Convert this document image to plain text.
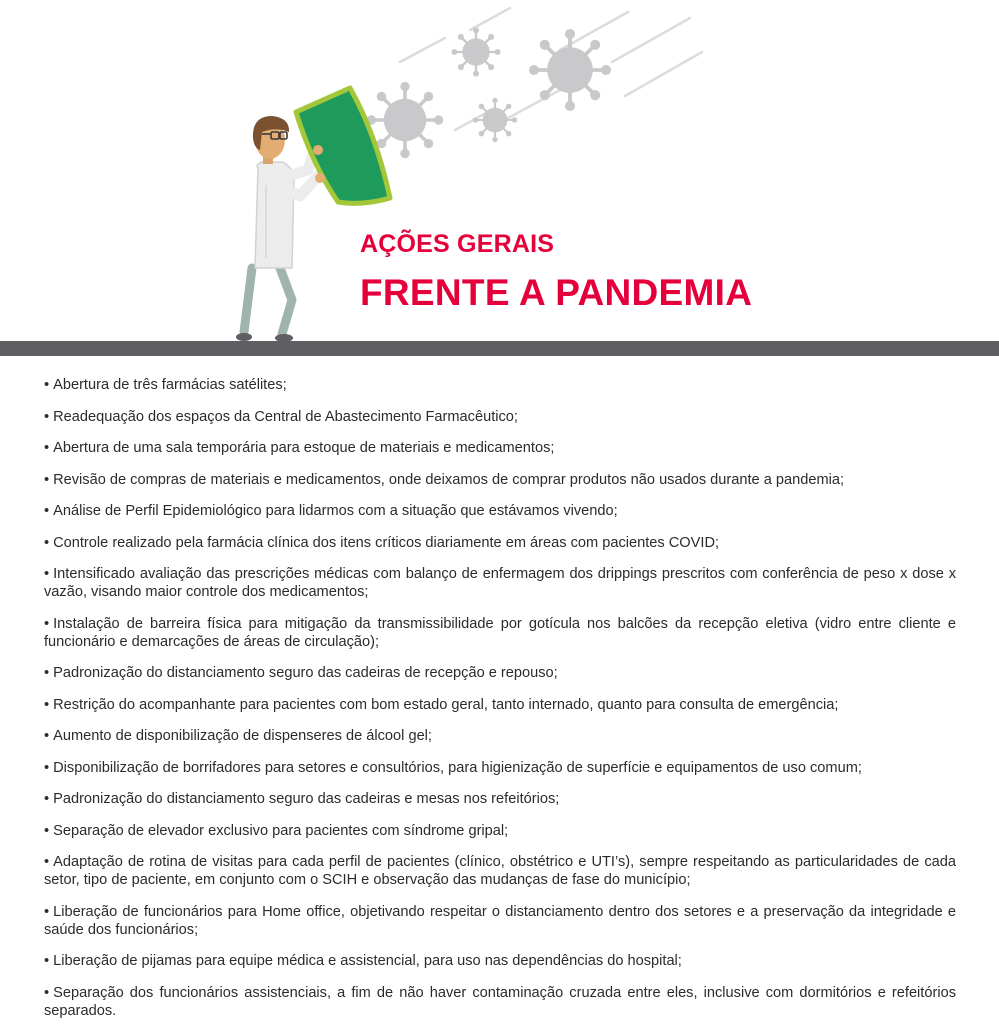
AÇÕES GERAIS
FRENTE A PANDEMIA
• Abertura de três farmácias satélites;
• Readequação dos espaços da Central de Abastecimento Farmacêutico;
• Abertura de uma sala temporária para estoque de materiais e medicamentos;
• Revisão de compras de materiais e medicamentos, onde deixamos de comprar produtos não usados durante a pandemia;
• Análise de Perfil Epidemiológico para lidarmos com a situação que estávamos vivendo;
• Controle realizado pela farmácia clínica dos itens críticos diariamente em áreas com pacientes COVID;
• Intensificado avaliação das prescrições médicas com balanço de enfermagem dos drippings prescritos com conferência de peso x dose x vazão, visando maior controle dos medicamentos;
• Instalação de barreira física para mitigação da transmissibilidade por gotícula nos balcões da recepção eletiva (vidro entre cliente e funcionário e demarcações de áreas de circulação);
• Padronização do distanciamento seguro das cadeiras de recepção e repouso;
• Restrição do acompanhante para pacientes com bom estado geral, tanto internado, quanto para consulta de emergência;
• Aumento de disponibilização de dispenseres de álcool gel;
• Disponibilização de borrifadores para setores e consultórios, para higienização de superfície e equipamentos de uso comum;
• Padronização do distanciamento seguro das cadeiras e mesas nos refeitórios;
• Separação de elevador exclusivo para pacientes com síndrome gripal;
• Adaptação de rotina de visitas para cada perfil de pacientes (clínico, obstétrico e UTI’s), sempre respeitando as particularidades de cada setor, tipo de paciente, em conjunto com o SCIH e observação das mudanças de fase do município;
• Liberação de funcionários para Home office, objetivando respeitar o distanciamento dentro dos setores e a preservação da integridade e saúde dos funcionários;
• Liberação de pijamas para equipe médica e assistencial, para uso nas dependências do hospital;
• Separação dos funcionários assistenciais, a fim de não haver contaminação cruzada entre eles, inclusive com dormitórios e refeitórios separados.
